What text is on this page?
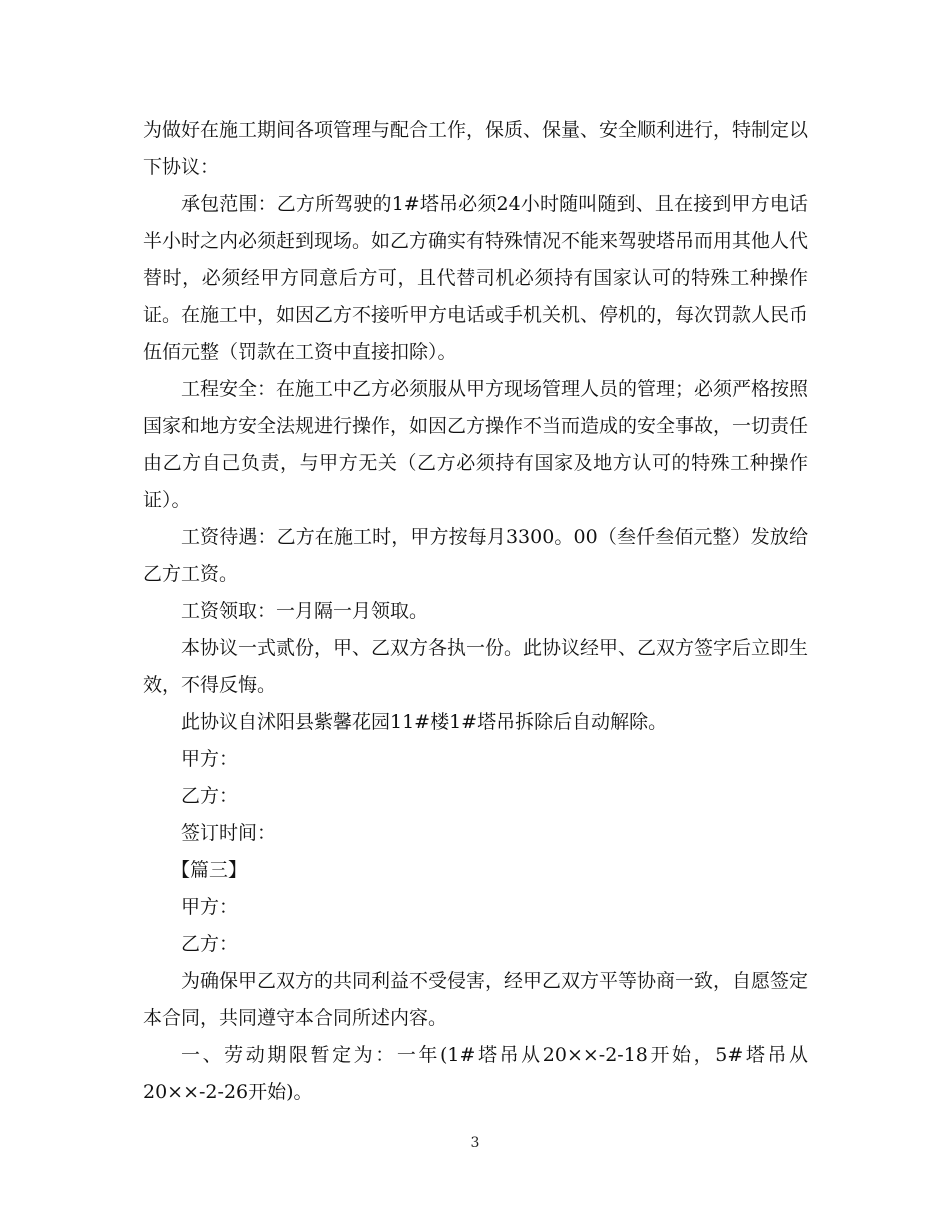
为做好在施工期间各项管理与配合工作，保质、保量、安全顺利进行，特制定以下协议：

承包范围：乙方所驾驶的1#塔吊必须24小时随叫随到、且在接到甲方电话半小时之内必须赶到现场。如乙方确实有特殊情况不能来驾驶塔吊而用其他人代替时，必须经甲方同意后方可，且代替司机必须持有国家认可的特殊工种操作证。在施工中，如因乙方不接听甲方电话或手机关机、停机的，每次罚款人民币伍佰元整（罚款在工资中直接扣除）。

工程安全：在施工中乙方必须服从甲方现场管理人员的管理；必须严格按照国家和地方安全法规进行操作，如因乙方操作不当而造成的安全事故，一切责任由乙方自己负责，与甲方无关（乙方必须持有国家及地方认可的特殊工种操作证）。

工资待遇：乙方在施工时，甲方按每月3300。00（叁仟叁佰元整）发放给乙方工资。

工资领取：一月隔一月领取。

本协议一式贰份，甲、乙双方各执一份。此协议经甲、乙双方签字后立即生效，不得反悔。

此协议自沭阳县紫馨花园11#楼1#塔吊拆除后自动解除。

甲方：

乙方：

签订时间：

【篇三】

甲方：

乙方：

为确保甲乙双方的共同利益不受侵害，经甲乙双方平等协商一致，自愿签定本合同，共同遵守本合同所述内容。

一、劳动期限暂定为：一年(1#塔吊从20××-2-18开始，5#塔吊从20××-2-26开始)。

3
